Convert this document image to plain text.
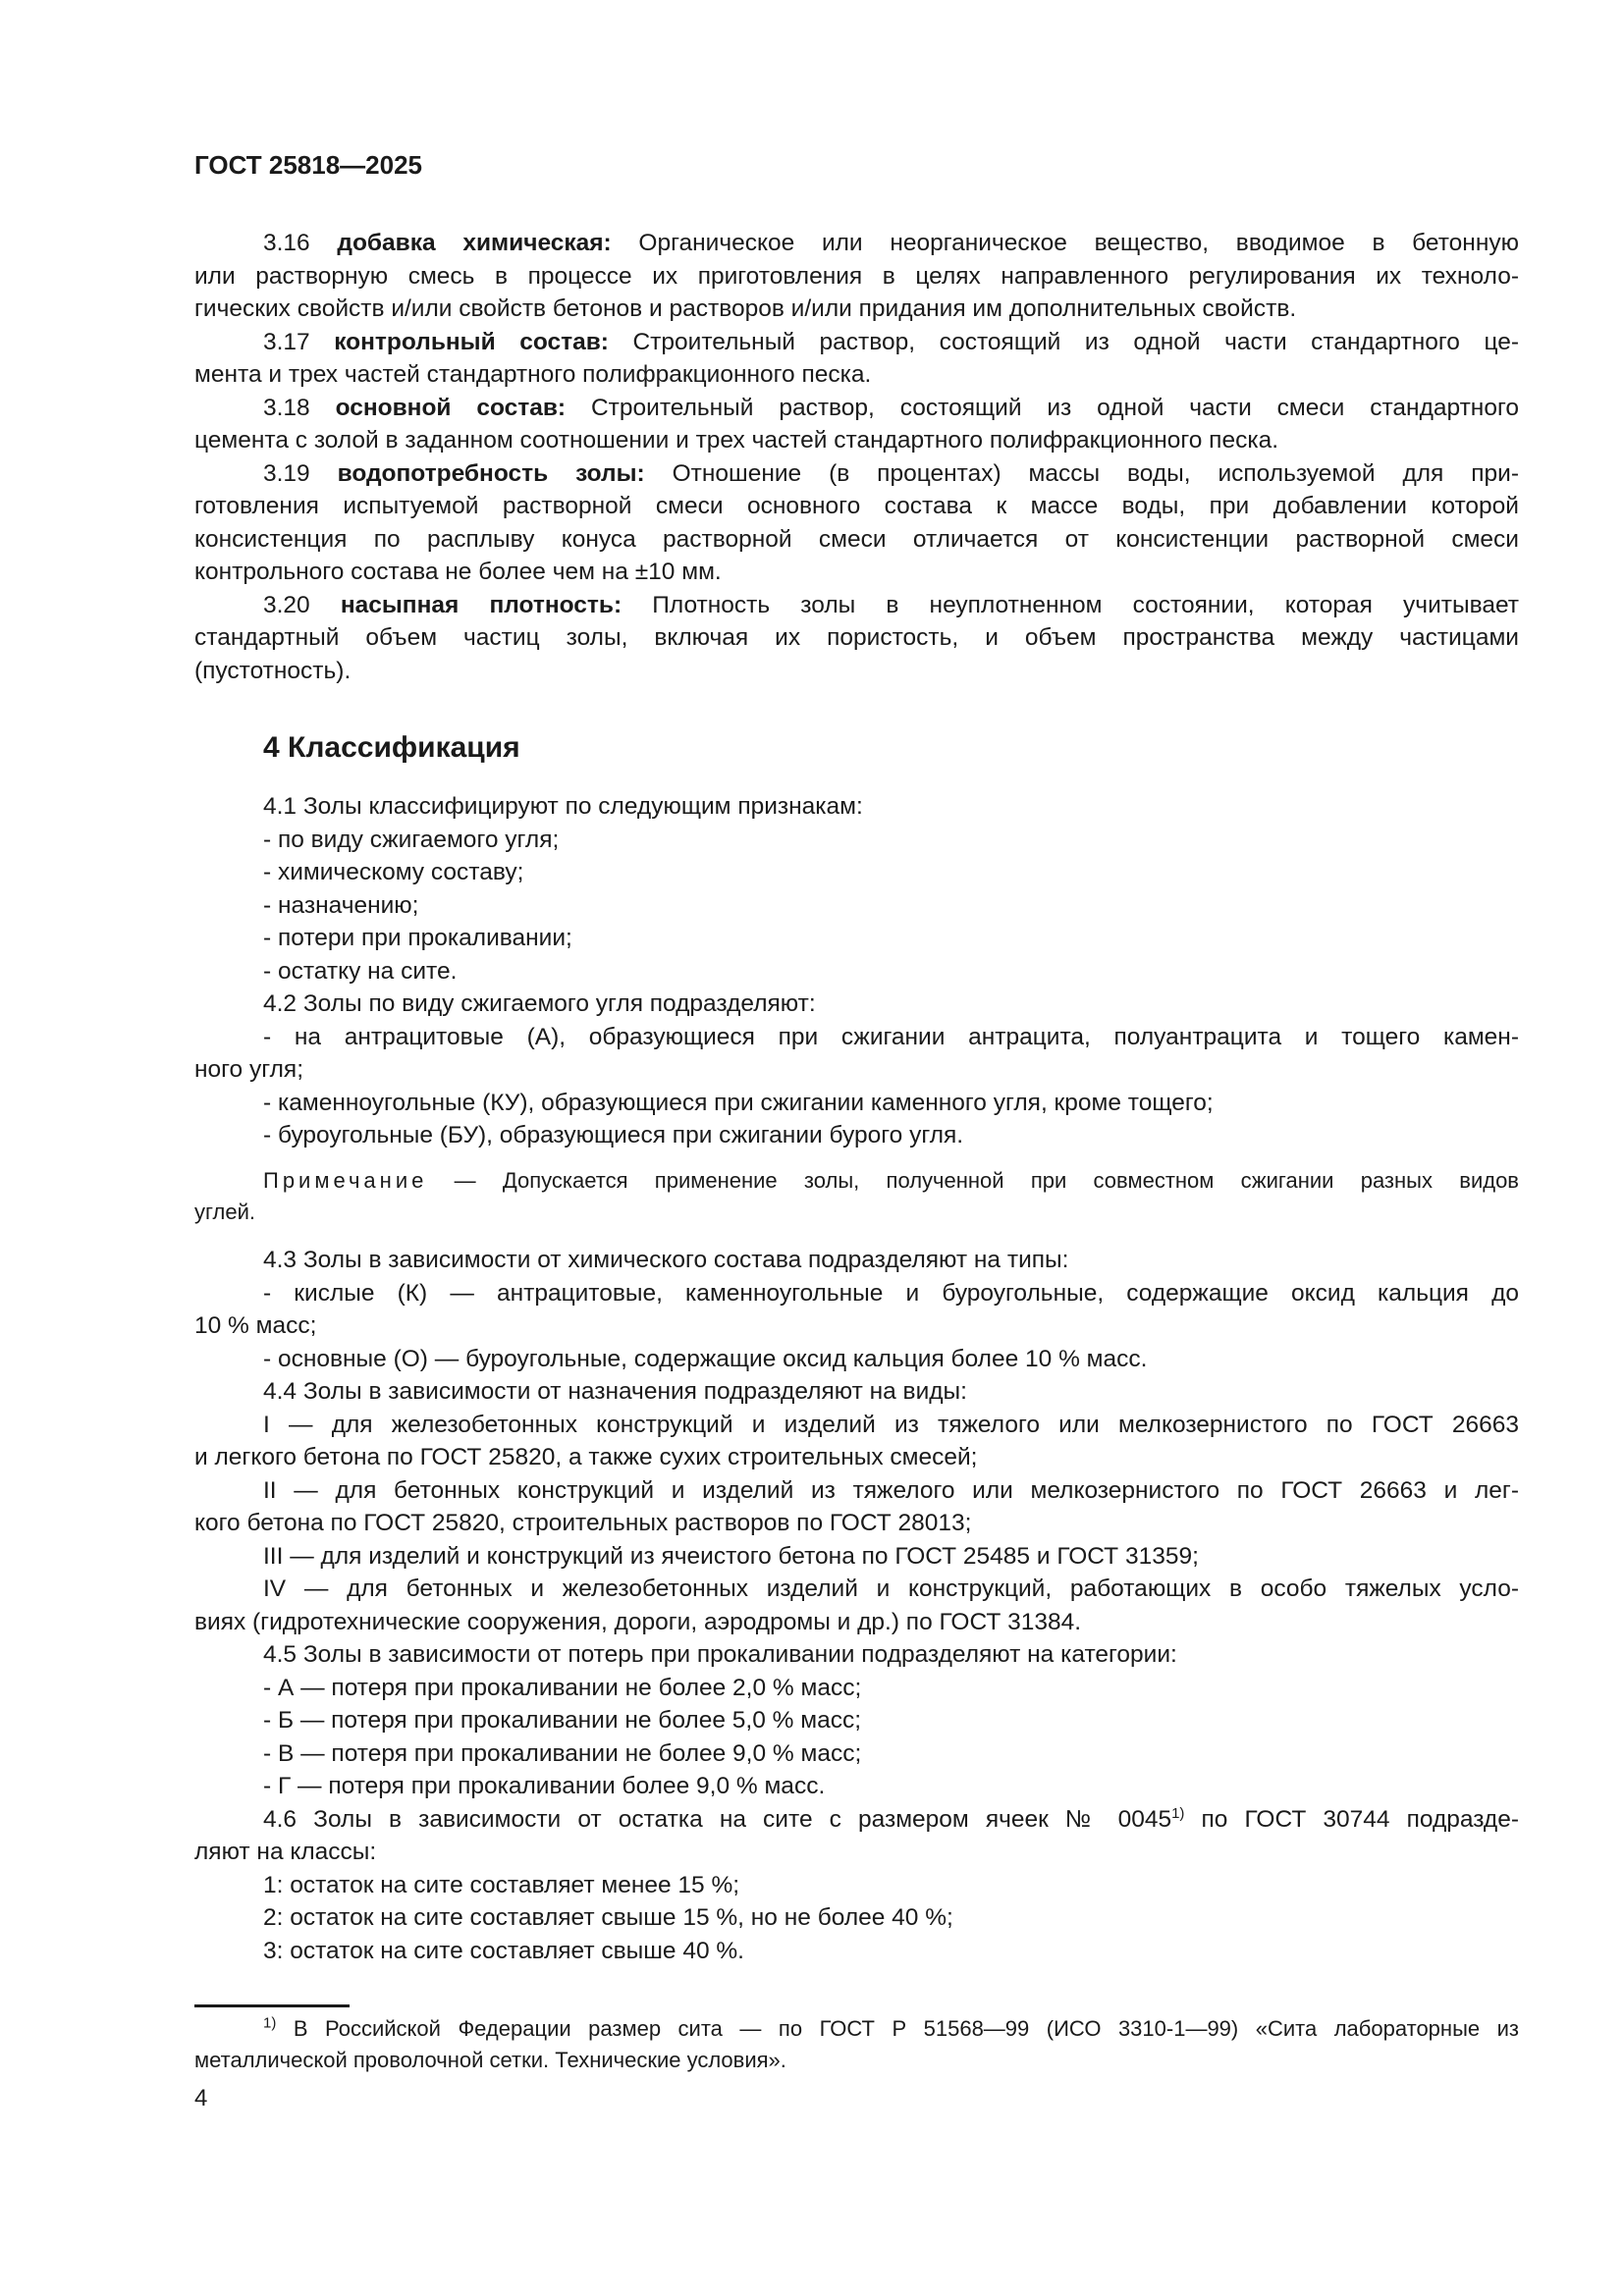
ГОСТ 25818—2025
3.16 добавка химическая: Органическое или неорганическое вещество, вводимое в бетонную
или растворную смесь в процессе их приготовления в целях направленного регулирования их техноло-
гических свойств и/или свойств бетонов и растворов и/или придания им дополнительных свойств.
3.17 контрольный состав: Строительный раствор, состоящий из одной части стандартного це-
мента и трех частей стандартного полифракционного песка.
3.18 основной состав: Строительный раствор, состоящий из одной части смеси стандартного
цемента с золой в заданном соотношении и трех частей стандартного полифракционного песка.
3.19 водопотребность золы: Отношение (в процентах) массы воды, используемой для при-
готовления испытуемой растворной смеси основного состава к массе воды, при добавлении которой
консистенция по расплыву конуса растворной смеси отличается от консистенции растворной смеси
контрольного состава не более чем на ±10 мм.
3.20 насыпная плотность: Плотность золы в неуплотненном состоянии, которая учитывает
стандартный объем частиц золы, включая их пористость, и объем пространства между частицами
(пустотность).
4 Классификация
4.1 Золы классифицируют по следующим признакам:
- по виду сжигаемого угля;
- химическому составу;
- назначению;
- потери при прокаливании;
- остатку на сите.
4.2 Золы по виду сжигаемого угля подразделяют:
- на антрацитовые (А), образующиеся при сжигании антрацита, полуантрацита и тощего камен-
ного угля;
- каменноугольные (КУ), образующиеся при сжигании каменного угля, кроме тощего;
- буроугольные (БУ), образующиеся при сжигании бурого угля.
Примечание — Допускается применение золы, полученной при совместном сжигании разных видов
углей.
4.3 Золы в зависимости от химического состава подразделяют на типы:
- кислые (К) — антрацитовые, каменноугольные и буроугольные, содержащие оксид кальция до
10 % масс;
- основные (О) — буроугольные, содержащие оксид кальция более 10 % масс.
4.4 Золы в зависимости от назначения подразделяют на виды:
I — для железобетонных конструкций и изделий из тяжелого или мелкозернистого по ГОСТ 26663
и легкого бетона по ГОСТ 25820, а также сухих строительных смесей;
II — для бетонных конструкций и изделий из тяжелого или мелкозернистого по ГОСТ 26663 и лег-
кого бетона по ГОСТ 25820, строительных растворов по ГОСТ 28013;
III — для изделий и конструкций из ячеистого бетона по ГОСТ 25485 и ГОСТ 31359;
IV — для бетонных и железобетонных изделий и конструкций, работающих в особо тяжелых усло-
виях (гидротехнические сооружения, дороги, аэродромы и др.) по ГОСТ 31384.
4.5 Золы в зависимости от потерь при прокаливании подразделяют на категории:
- А — потеря при прокаливании не более 2,0 % масс;
- Б — потеря при прокаливании не более 5,0 % масс;
- В — потеря при прокаливании не более 9,0 % масс;
- Г — потеря при прокаливании более 9,0 % масс.
4.6 Золы в зависимости от остатка на сите с размером ячеек № 0045$^{1)}$ по ГОСТ 30744 подразде-
ляют на классы:
1: остаток на сите составляет менее 15 %;
2: остаток на сите составляет свыше 15 %, но не более 40 %;
3: остаток на сите составляет свыше 40 %.
$^{1)}$ В Российской Федерации размер сита — по ГОСТ Р 51568—99 (ИСО 3310-1—99) «Сита лабораторные из
металлической проволочной сетки. Технические условия».
4
